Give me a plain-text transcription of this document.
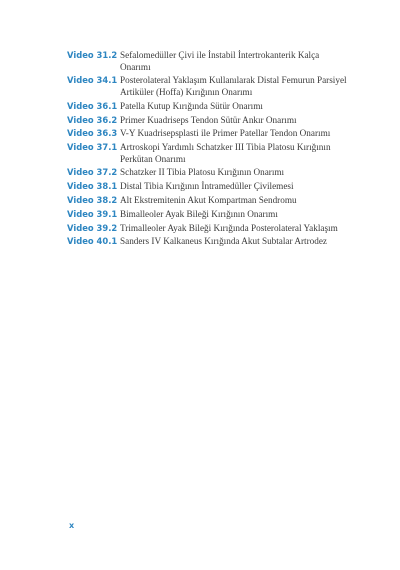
Video 31.2 Sefalomedüller Çivi ile İnstabil İntertrokanterik Kalça Onarımı
Video 34.1 Posterolateral Yaklaşım Kullanılarak Distal Femurun Parsiyel Artiküler (Hoffa) Kırığının Onarımı
Video 36.1 Patella Kutup Kırığında Sütür Onarımı
Video 36.2 Primer Kuadriseps Tendon Sütür Ankır Onarımı
Video 36.3 V-Y Kuadrisepsplasti ile Primer Patellar Tendon Onarımı
Video 37.1 Artroskopi Yardımlı Schatzker III Tibia Platosu Kırığının Perkütan Onarımı
Video 37.2 Schatzker II Tibia Platosu Kırığının Onarımı
Video 38.1 Distal Tibia Kırığının İntramedüller Çivilemesi
Video 38.2 Alt Ekstremitenin Akut Kompartman Sendromu
Video 39.1 Bimalleoler Ayak Bileği Kırığının Onarımı
Video 39.2 Trimalleoler Ayak Bileği Kırığında Posterolateral Yaklaşım
Video 40.1 Sanders IV Kalkaneus Kırığında Akut Subtalar Artrodez
x
